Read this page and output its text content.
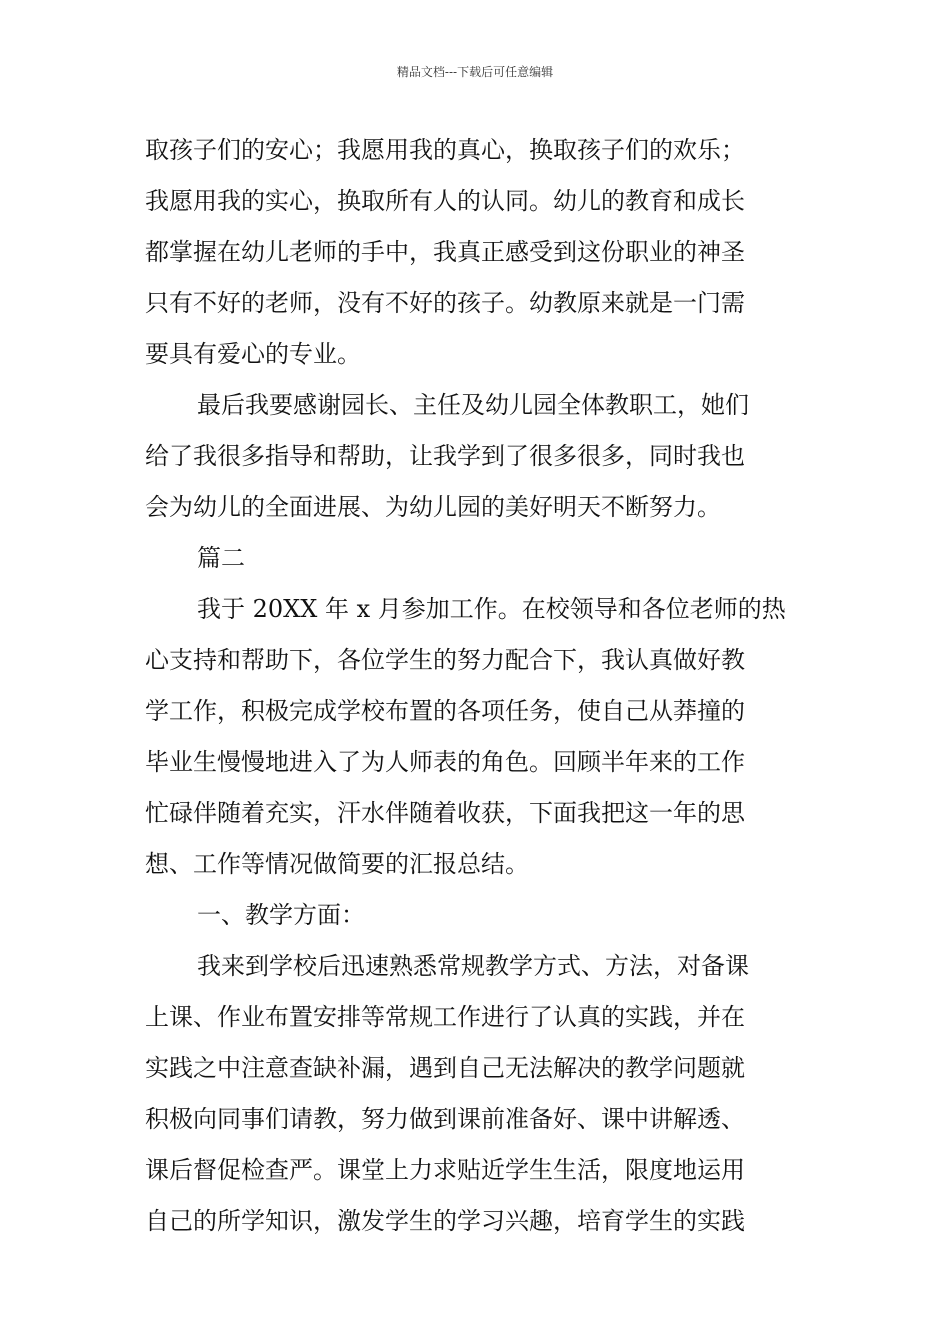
精品文档---下载后可任意编辑
取孩子们的安心；我愿用我的真心，换取孩子们的欢乐；
我愿用我的实心，换取所有人的认同。幼儿的教育和成长
都掌握在幼儿老师的手中，我真正感受到这份职业的神圣
只有不好的老师，没有不好的孩子。幼教原来就是一门需
要具有爱心的专业。
最后我要感谢园长、主任及幼儿园全体教职工，她们
给了我很多指导和帮助，让我学到了很多很多，同时我也
会为幼儿的全面进展、为幼儿园的美好明天不断努力。
篇二
我于 20XX 年 x 月参加工作。在校领导和各位老师的热
心支持和帮助下，各位学生的努力配合下，我认真做好教
学工作，积极完成学校布置的各项任务，使自己从莽撞的
毕业生慢慢地进入了为人师表的角色。回顾半年来的工作
忙碌伴随着充实，汗水伴随着收获，下面我把这一年的思
想、工作等情况做简要的汇报总结。
一、教学方面：
我来到学校后迅速熟悉常规教学方式、方法，对备课
上课、作业布置安排等常规工作进行了认真的实践，并在
实践之中注意查缺补漏，遇到自己无法解决的教学问题就
积极向同事们请教，努力做到课前准备好、课中讲解透、
课后督促检查严。课堂上力求贴近学生生活，限度地运用
自己的所学知识，激发学生的学习兴趣，培育学生的实践
